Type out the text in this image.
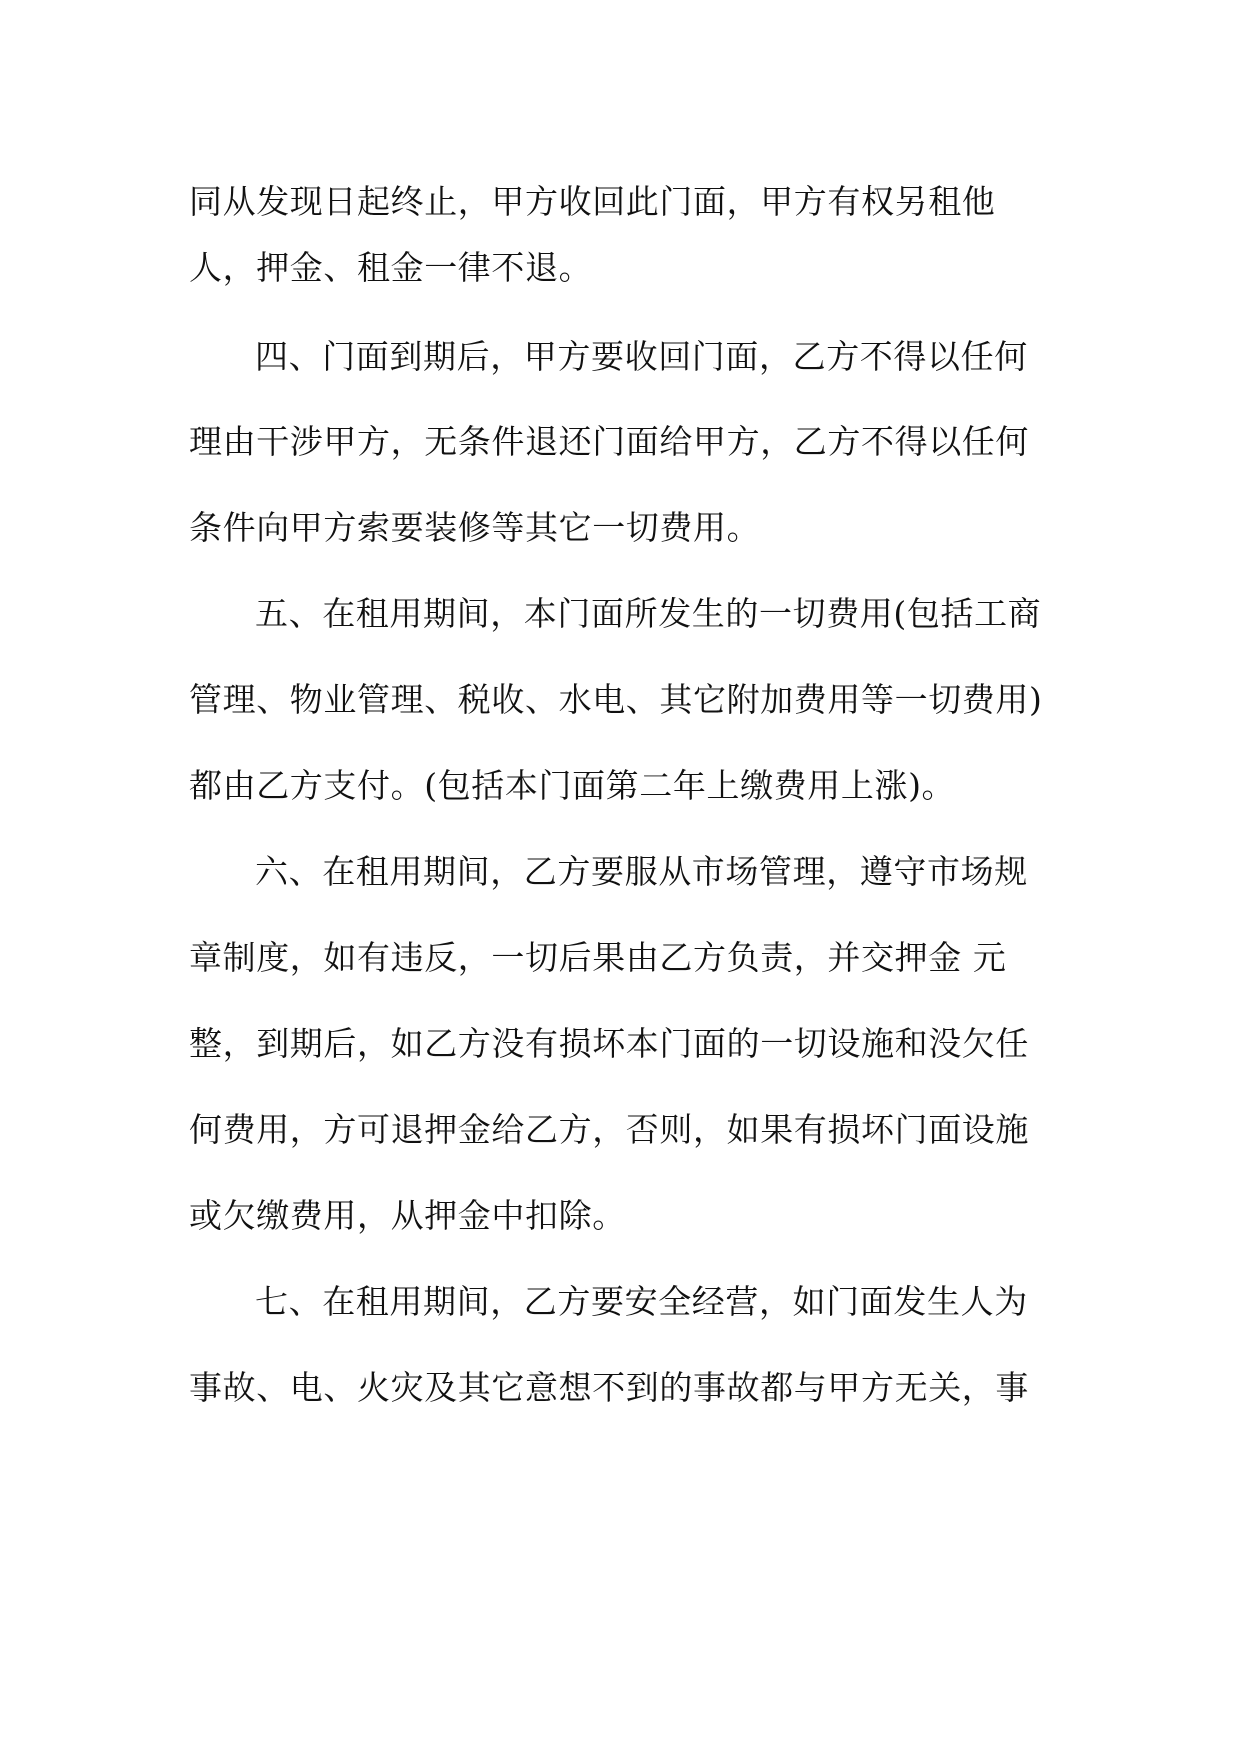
同从发现日起终止，甲方收回此门面，甲方有权另租他
人，押金、租金一律不退。
四、门面到期后，甲方要收回门面，乙方不得以任何
理由干涉甲方，无条件退还门面给甲方，乙方不得以任何
条件向甲方索要装修等其它一切费用。
五、在租用期间，本门面所发生的一切费用(包括工商
管理、物业管理、税收、水电、其它附加费用等一切费用)
都由乙方支付。(包括本门面第二年上缴费用上涨)。
六、在租用期间，乙方要服从市场管理，遵守市场规
章制度，如有违反，一切后果由乙方负责，并交押金 元
整，到期后，如乙方没有损坏本门面的一切设施和没欠任
何费用，方可退押金给乙方，否则，如果有损坏门面设施
或欠缴费用，从押金中扣除。
七、在租用期间，乙方要安全经营，如门面发生人为
事故、电、火灾及其它意想不到的事故都与甲方无关，事
